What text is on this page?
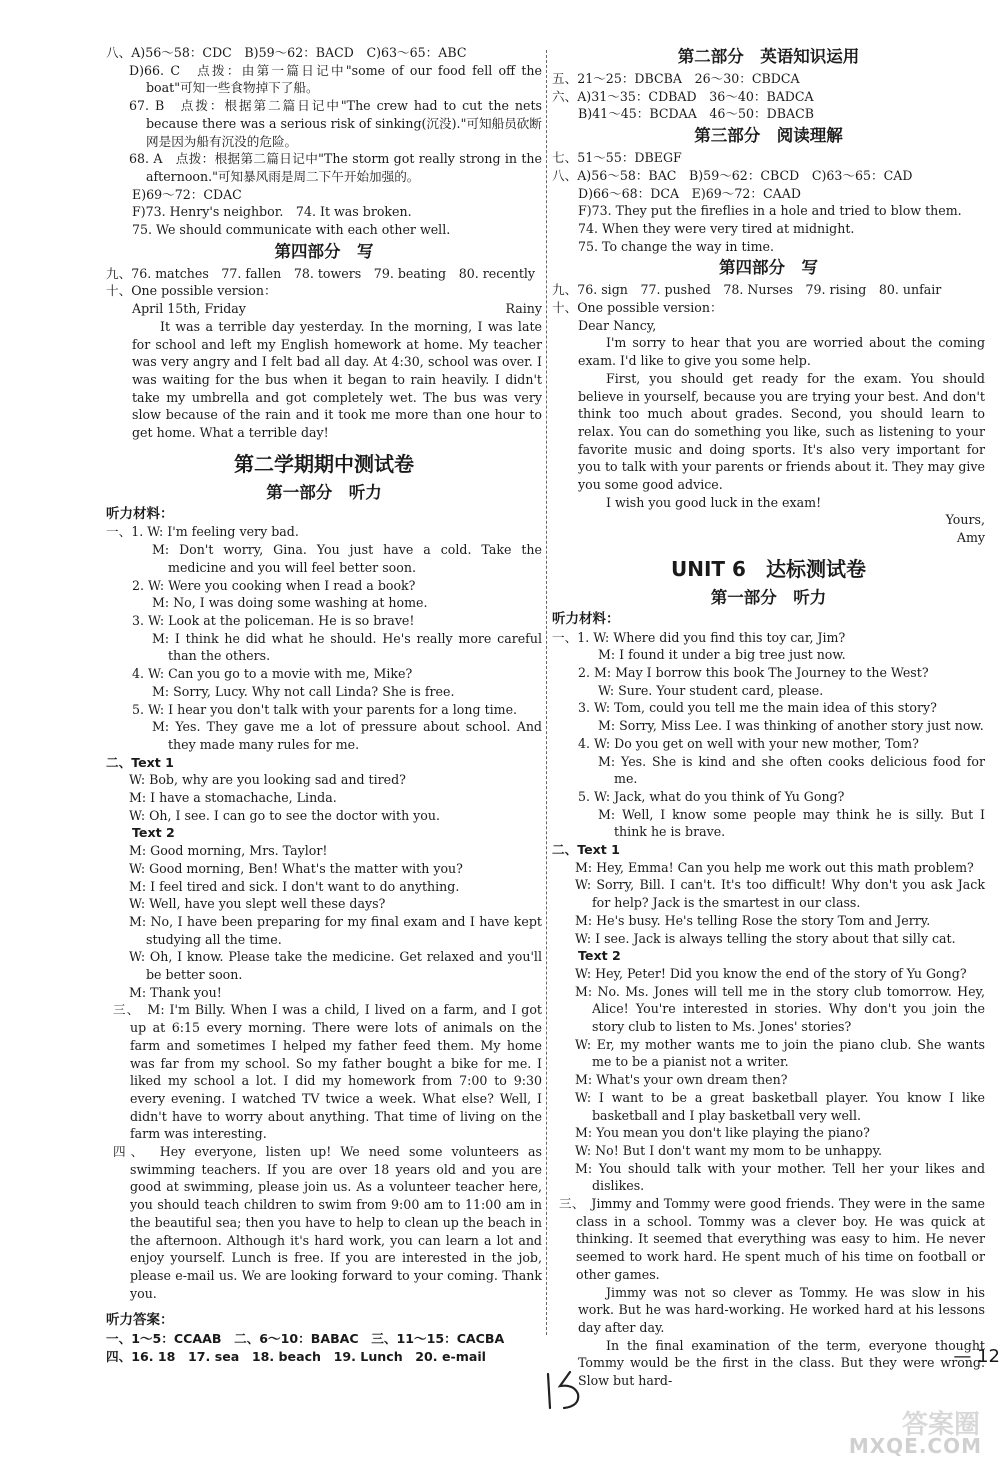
八、A)56～58：CDC　B)59～62：BACD　C)63～65：ABC

D)66. C　点拨：由第一篇日记中"some of our food fell off the boat"可知一些食物掉下了船。

67. B　点拨：根据第二篇日记中"The crew had to cut the nets because there was a serious risk of sinking(沉没)."可知船员砍断网是因为船有沉没的危险。

68. A　点拨：根据第二篇日记中"The storm got really strong in the afternoon."可知暴风雨是周二下午开始加强的。

E)69～72：CDAC

F)73. Henry's neighbor.　74. It was broken.

75. We should communicate with each other well.

第四部分　写

九、76. matches　77. fallen　78. towers　79. beating　80. recently

十、One possible version：

April 15th, Friday	Rainy

It was a terrible day yesterday. In the morning, I was late for school and left my English homework at home. My teacher was very angry and I felt bad all day. At 4:30, school was over. I was waiting for the bus when it began to rain heavily. I didn't take my umbrella and got completely wet. The bus was very slow because of the rain and it took me more than one hour to get home. What a terrible day!

第二学期期中测试卷
第一部分　听力
听力材料：

一、1. W: I'm feeling very bad.

M: Don't worry, Gina. You just have a cold. Take the medicine and you will feel better soon.

2. W: Were you cooking when I read a book?

M: No, I was doing some washing at home.

3. W: Look at the policeman. He is so brave!

M: I think he did what he should. He's really more careful than the others.

4. W: Can you go to a movie with me, Mike?

M: Sorry, Lucy. Why not call Linda? She is free.

5. W: I hear you don't talk with your parents for a long time.

M: Yes. They gave me a lot of pressure about school. And they made many rules for me.

二、Text 1

W: Bob, why are you looking sad and tired?

M: I have a stomachache, Linda.

W: Oh, I see. I can go to see the doctor with you.

Text 2

M: Good morning, Mrs. Taylor!

W: Good morning, Ben! What's the matter with you?

M: I feel tired and sick. I don't want to do anything.

W: Well, have you slept well these days?

M: No, I have been preparing for my final exam and I have kept studying all the time.

W: Oh, I know. Please take the medicine. Get relaxed and you'll be better soon.

M: Thank you!

三、　M: I'm Billy. When I was a child, I lived on a farm, and I got up at 6:15 every morning. There were lots of animals on the farm and sometimes I helped my father feed them. My home was far from my school. So my father bought a bike for me. I liked my school a lot. I did my homework from 7:00 to 9:30 every evening. I watched TV twice a week. What else? Well, I didn't have to worry about anything. That time of living on the farm was interesting.

四、　Hey everyone, listen up! We need some volunteers as swimming teachers. If you are over 18 years old and you are good at swimming, please join us. As a volunteer teacher here, you should teach children to swim from 9:00 am to 11:00 am in the beautiful sea; then you have to help to clean up the beach in the afternoon. Although it's hard work, you can learn a lot and enjoy yourself. Lunch is free. If you are interested in the job, please e-mail us. We are looking forward to your coming. Thank you.

听力答案：

一、1～5：CCAAB　二、6～10：BABAC　三、11～15：CACBA

四、16. 18　17. sea　18. beach　19. Lunch　20. e-mail

第二部分　英语知识运用

五、21～25：DBCBA　26～30：CBDCA

六、A)31～35：CDBAD　36～40：BADCA

B)41～45：BCDAA　46～50：DBACB

第三部分　阅读理解

七、51～55：DBEGF

八、A)56～58：BAC　B)59～62：CBCD　C)63～65：CAD

D)66～68：DCA　E)69～72：CAAD

F)73. They put the fireflies in a hole and tried to blow them.

74. When they were very tired at midnight.

75. To change the way in time.

第四部分　写

九、76. sign　77. pushed　78. Nurses　79. rising　80. unfair

十、One possible version：

Dear Nancy,

I'm sorry to hear that you are worried about the coming exam. I'd like to give you some help.

First, you should get ready for the exam. You should believe in yourself, because you are trying your best. And don't think too much about grades. Second, you should learn to relax. You can do something you like, such as listening to your favorite music and doing sports. It's also very important for you to talk with your parents or friends about it. They may give you some good advice.

I wish you good luck in the exam!

Yours,

Amy

UNIT 6　达标测试卷
第一部分　听力
听力材料：

一、1. W: Where did you find this toy car, Jim?

M: I found it under a big tree just now.

2. M: May I borrow this book The Journey to the West?

W: Sure. Your student card, please.

3. W: Tom, could you tell me the main idea of this story?

M: Sorry, Miss Lee. I was thinking of another story just now.

4. W: Do you get on well with your new mother, Tom?

M: Yes. She is kind and she often cooks delicious food for me.

5. W: Jack, what do you think of Yu Gong?

M: Well, I know some people may think he is silly. But I think he is brave.

二、Text 1

M: Hey, Emma! Can you help me work out this math problem?

W: Sorry, Bill. I can't. It's too difficult! Why don't you ask Jack for help? Jack is the smartest in our class.

M: He's busy. He's telling Rose the story Tom and Jerry.

W: I see. Jack is always telling the story about that silly cat.

Text 2

W: Hey, Peter! Did you know the end of the story of Yu Gong?

M: No. Ms. Jones will tell me in the story club tomorrow. Hey, Alice! You're interested in stories. Why don't you join the story club to listen to Ms. Jones' stories?

W: Er, my mother wants me to join the piano club. She wants me to be a pianist not a writer.

M: What's your own dream then?

W: I want to be a great basketball player. You know I like basketball and I play basketball very well.

M: You mean you don't like playing the piano?

W: No! But I don't want my mom to be unhappy.

M: You should talk with your mother. Tell her your likes and dislikes.

三、　Jimmy and Tommy were good friends. They were in the same class in a school. Tommy was a clever boy. He was quick at thinking. It seemed that everything was easy to him. He never seemed to work hard. He spent much of his time on football or other games.

Jimmy was not so clever as Tommy. He was slow in his work. But he was hard-working. He worked hard at his lessons day after day.

In the final examination of the term, everyone thought Tommy would be the first in the class. But they were wrong. Slow but hard-

— 12
答案圈
MXQE.COM
